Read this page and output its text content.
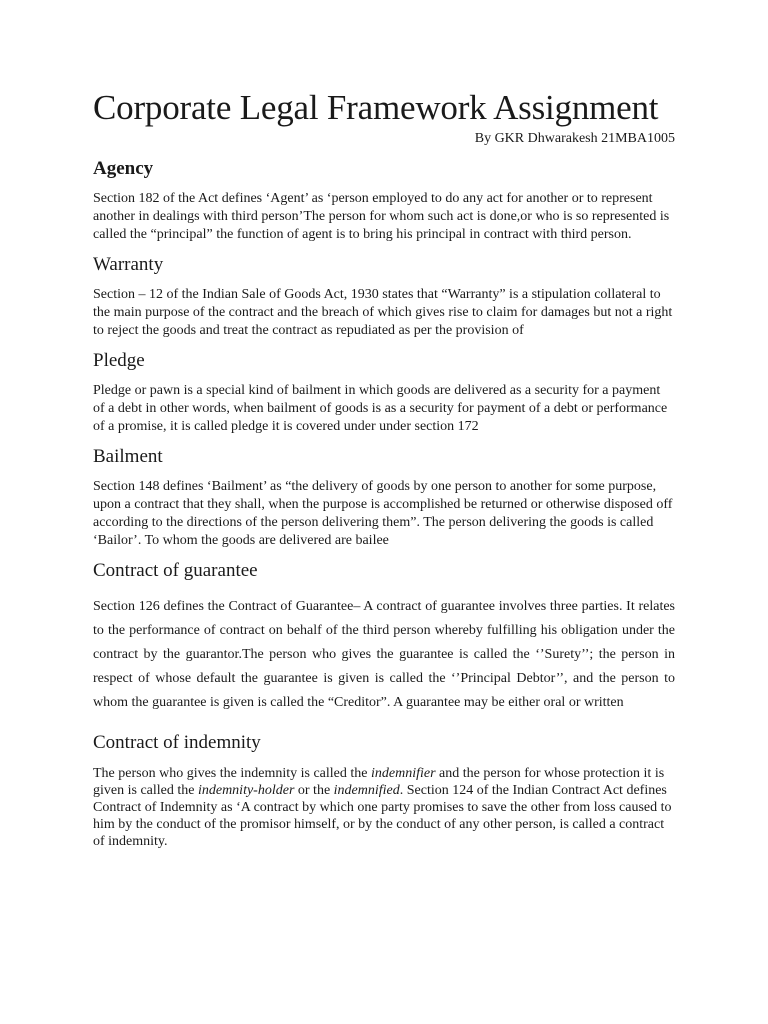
Corporate Legal Framework Assignment

By GKR Dhwarakesh 21MBA1005

Agency

Section 182 of the Act defines ‘Agent’ as ‘person employed to do any act for another or to represent another in dealings with third person’The person for whom such act is done,or who is so represented is called the “principal” the function of agent is to bring his principal in contract with third person.

Warranty

Section – 12 of the Indian Sale of Goods Act, 1930 states that “Warranty” is a stipulation collateral to the main purpose of the contract and the breach of which gives rise to claim for damages but not a right to reject the goods and treat the contract as repudiated as per the provision of

Pledge

Pledge or pawn is a special kind of bailment in which goods are delivered as a security for a payment of a debt in other words, when bailment of goods is as a security for payment of a debt or performance of a promise, it is called pledge it is covered under under section 172

Bailment

Section 148 defines ‘Bailment’ as “the delivery of goods by one person to another for some purpose, upon a contract that they shall, when the purpose is accomplished be returned or otherwise disposed off according to the directions of the person delivering them”. The person delivering the goods is called ‘Bailor’. To whom the goods are delivered are bailee

Contract of guarantee

Section 126 defines the Contract of Guarantee– A contract of guarantee involves three parties. It relates to the performance of contract on behalf of the third person whereby fulfilling his obligation under the contract by the guarantor.The person who gives the guarantee is called the ‘’Surety’’; the person in respect of whose default the guarantee is given is called the ‘’Principal Debtor’’, and the person to whom the guarantee is given is called the “Creditor”. A guarantee may be either oral or written

Contract of indemnity

The person who gives the indemnity is called the indemnifier and the person for whose protection it is given is called the indemnity-holder or the indemnified. Section 124 of the Indian Contract Act defines Contract of Indemnity as ‘A contract by which one party promises to save the other from loss caused to him by the conduct of the promisor himself, or by the conduct of any other person, is called a contract of indemnity.
